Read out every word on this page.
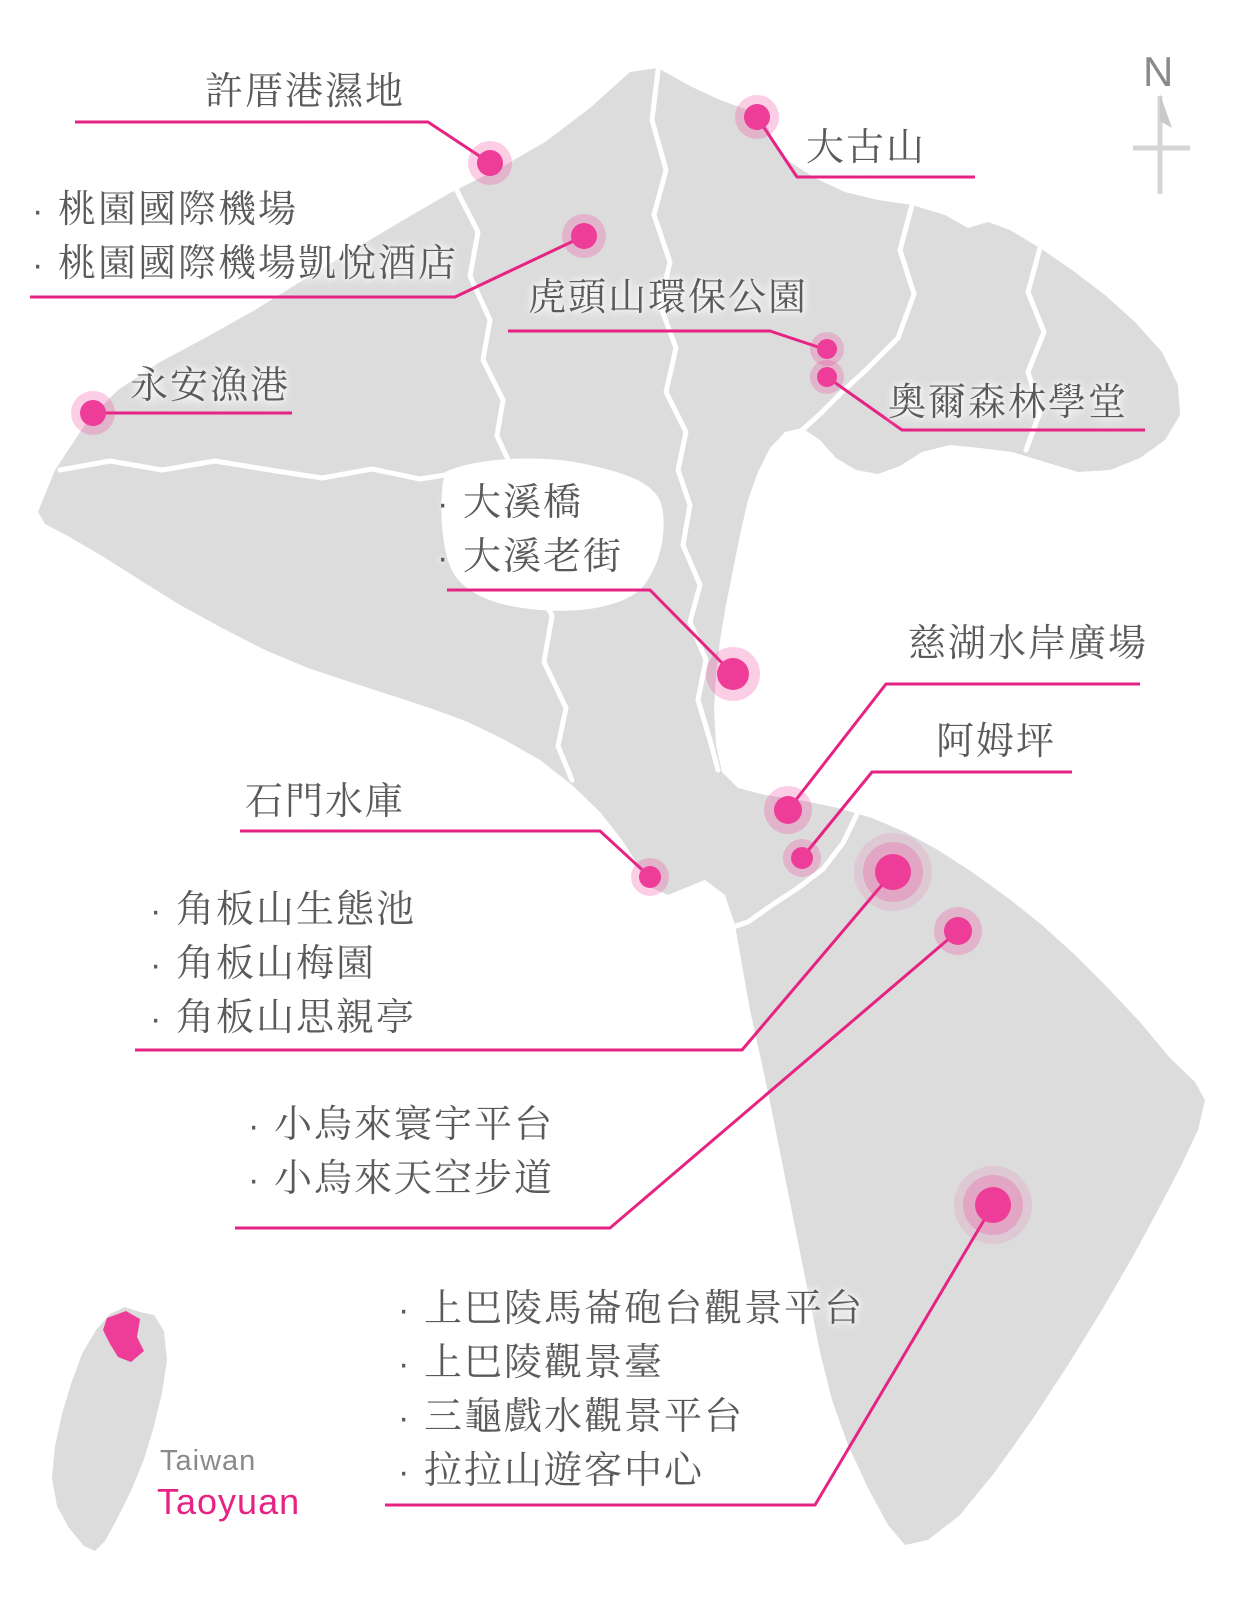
N
Taiwan
Taoyuan
許厝港濕地
大古山
· 桃園國際機場
· 桃園國際機場凱悅酒店
虎頭山環保公園
奧爾森林學堂
永安漁港
· 大溪橋
· 大溪老街
慈湖水岸廣場
阿姆坪
石門水庫
· 角板山生態池
· 角板山梅園
· 角板山思親亭
· 小烏來寰宇平台
· 小烏來天空步道
· 上巴陵馬崙砲台觀景平台
· 上巴陵觀景臺
· 三龜戲水觀景平台
· 拉拉山遊客中心
